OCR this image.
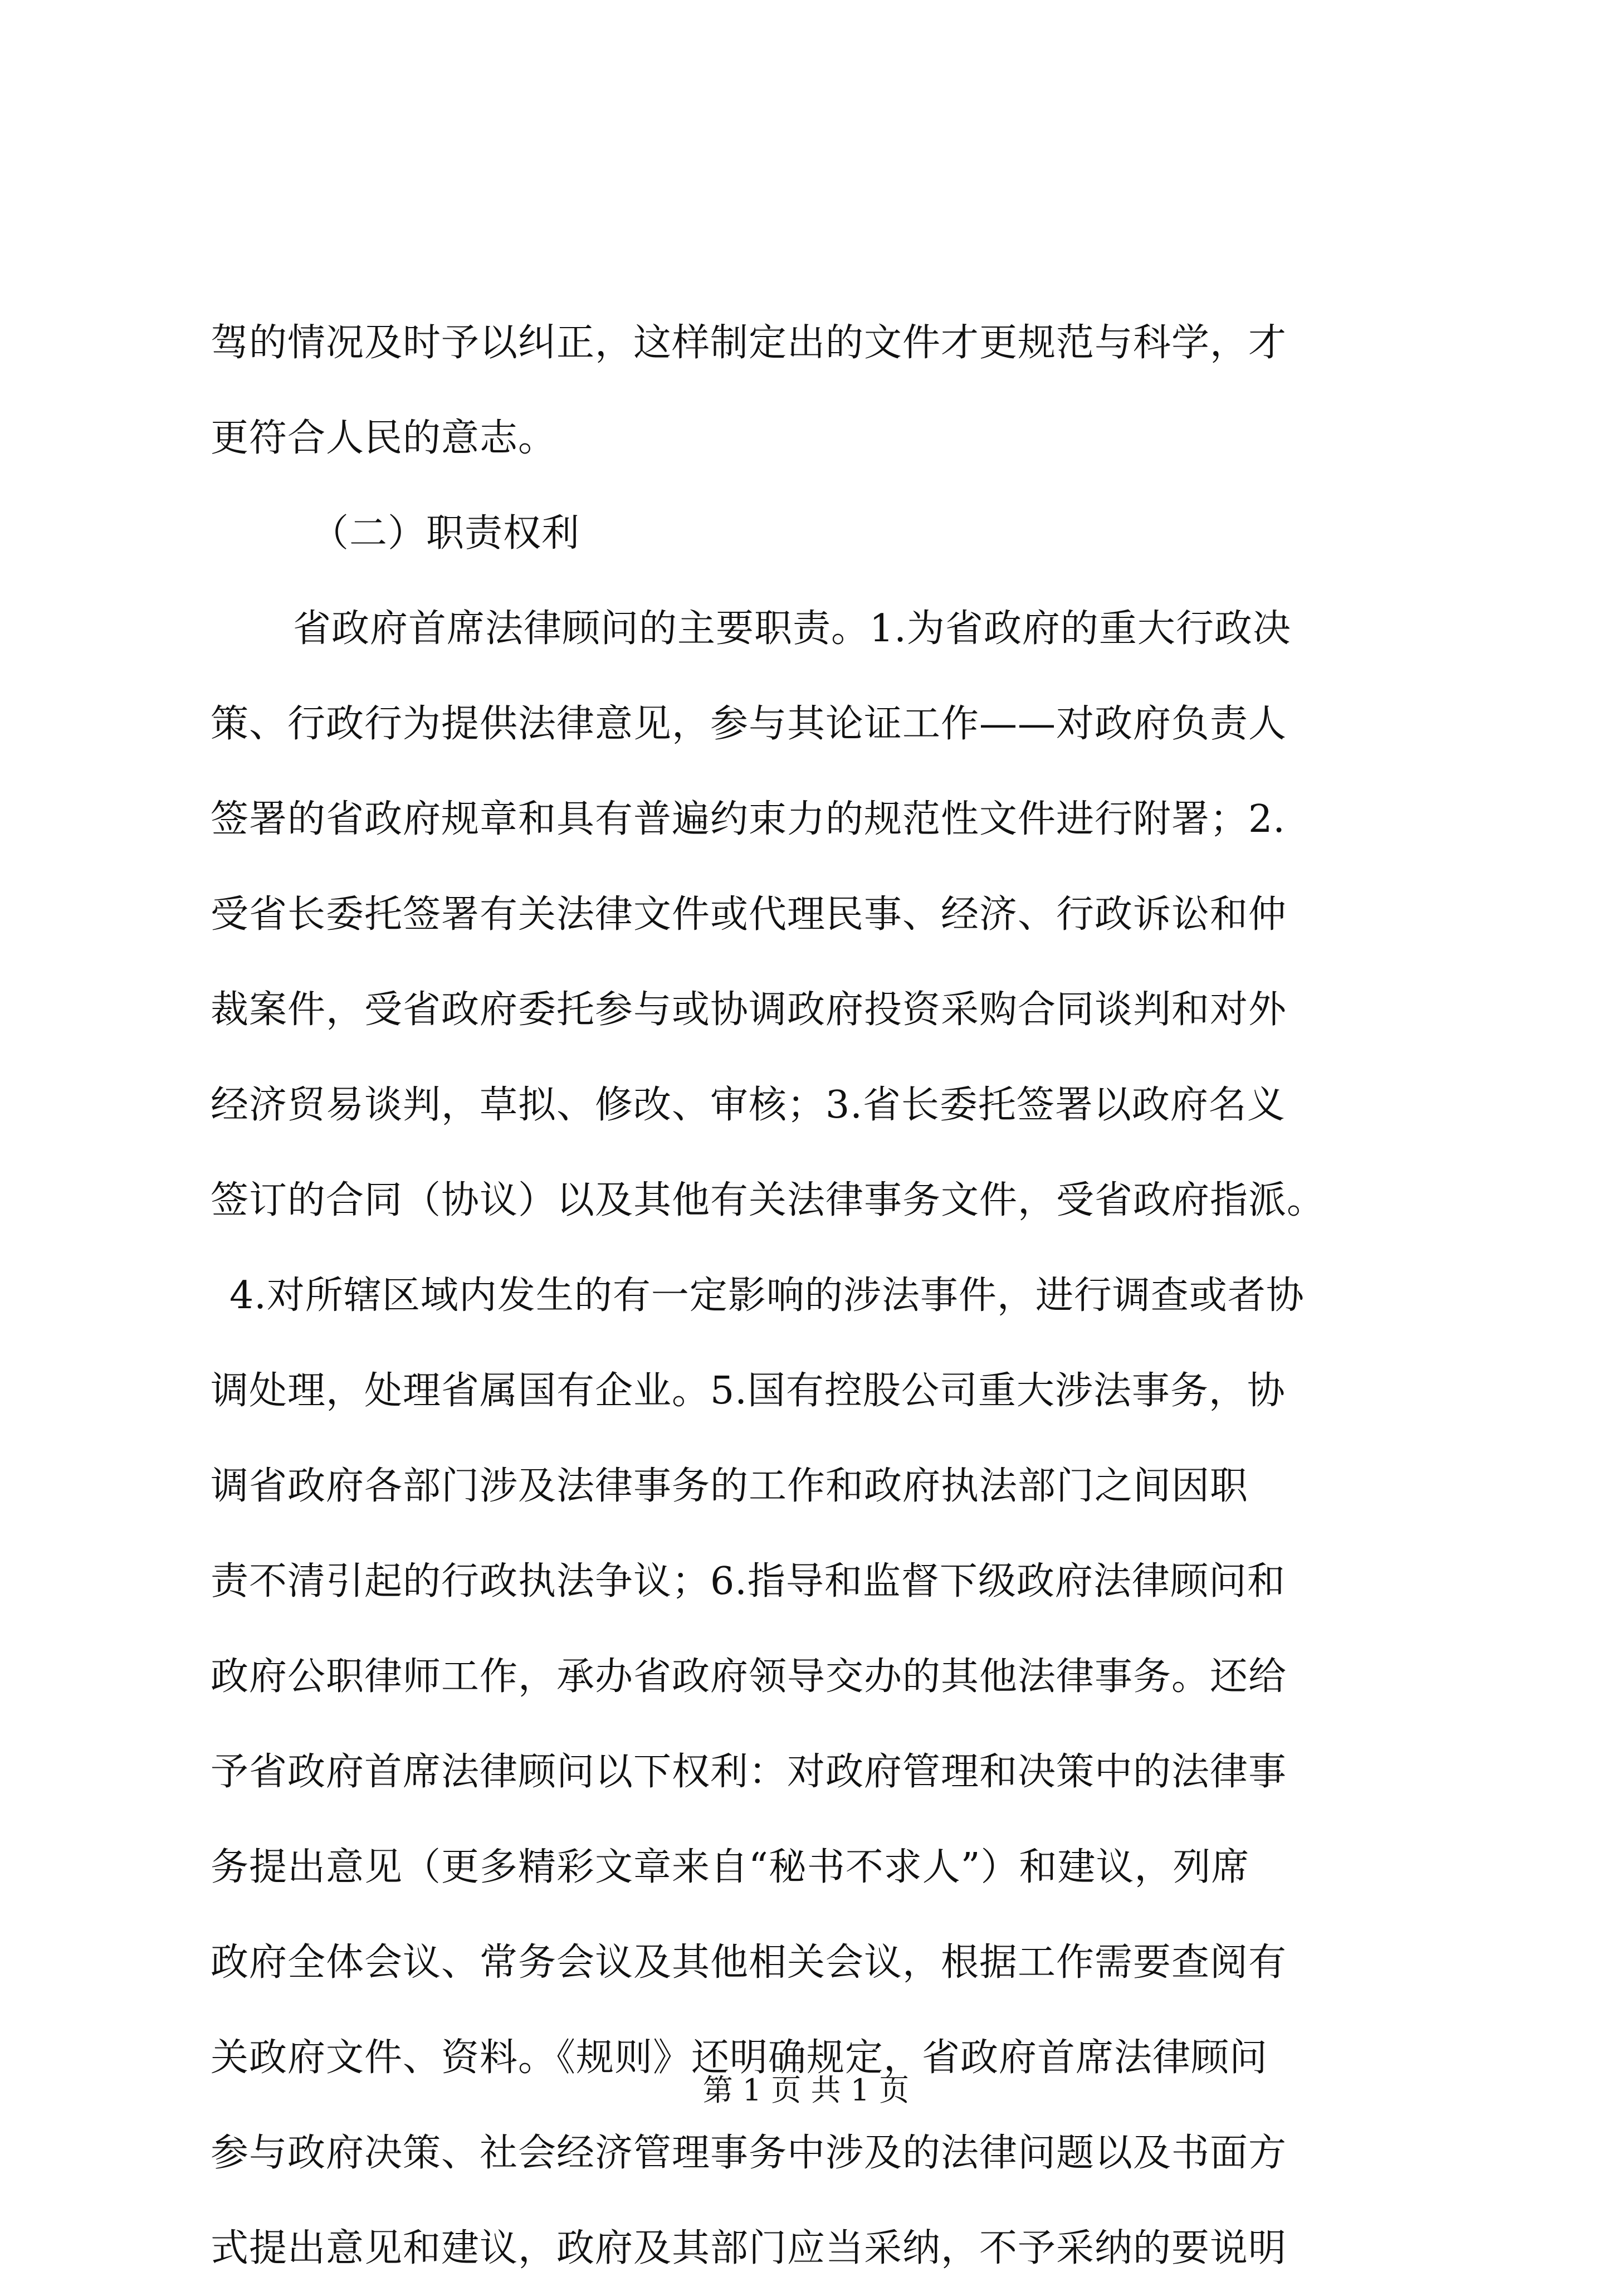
驾的情况及时予以纠正，这样制定出的文件才更规范与科学，才
更符合人民的意志。
（二）职责权利
省政府首席法律顾问的主要职责。1.为省政府的重大行政决
策、行政行为提供法律意见，参与其论证工作——对政府负责人
签署的省政府规章和具有普遍约束力的规范性文件进行附署；2.
受省长委托签署有关法律文件或代理民事、经济、行政诉讼和仲
裁案件，受省政府委托参与或协调政府投资采购合同谈判和对外
经济贸易谈判，草拟、修改、审核；3.省长委托签署以政府名义
签订的合同（协议）以及其他有关法律事务文件，受省政府指派。
4.对所辖区域内发生的有一定影响的涉法事件，进行调查或者协
调处理，处理省属国有企业。5.国有控股公司重大涉法事务，协
调省政府各部门涉及法律事务的工作和政府执法部门之间因职
责不清引起的行政执法争议；6.指导和监督下级政府法律顾问和
政府公职律师工作，承办省政府领导交办的其他法律事务。还给
予省政府首席法律顾问以下权利：对政府管理和决策中的法律事
务提出意见（更多精彩文章来自“秘书不求人”）和建议，列席
政府全体会议、常务会议及其他相关会议，根据工作需要查阅有
关政府文件、资料。《规则》还明确规定，省政府首席法律顾问
参与政府决策、社会经济管理事务中涉及的法律问题以及书面方
式提出意见和建议，政府及其部门应当采纳，不予采纳的要说明
第 1 页 共 1 页
